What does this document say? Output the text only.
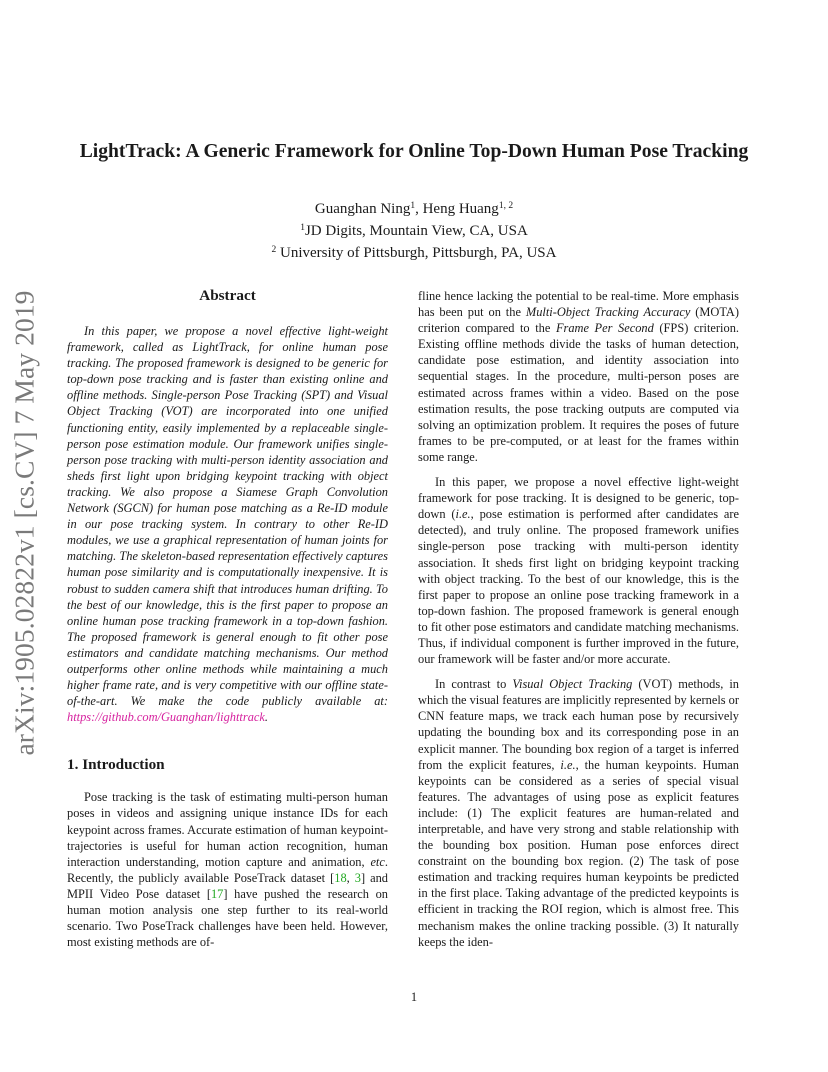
arXiv:1905.02822v1 [cs.CV] 7 May 2019
LightTrack: A Generic Framework for Online Top-Down Human Pose Tracking
Guanghan Ning$^1$, Heng Huang$^{1, 2}$
$^1$JD Digits, Mountain View, CA, USA
$^2$ University of Pittsburgh, Pittsburgh, PA, USA
Abstract

In this paper, we propose a novel effective light-weight framework, called as LightTrack, for online human pose tracking. The proposed framework is designed to be generic for top-down pose tracking and is faster than existing online and offline methods. Single-person Pose Tracking (SPT) and Visual Object Tracking (VOT) are incorporated into one unified functioning entity, easily implemented by a replaceable single-person pose estimation module. Our framework unifies single-person pose tracking with multi-person identity association and sheds first light upon bridging keypoint tracking with object tracking. We also propose a Siamese Graph Convolution Network (SGCN) for human pose matching as a Re-ID module in our pose tracking system. In contrary to other Re-ID modules, we use a graphical representation of human joints for matching. The skeleton-based representation effectively captures human pose similarity and is computationally inexpensive. It is robust to sudden camera shift that introduces human drifting. To the best of our knowledge, this is the first paper to propose an online human pose tracking framework in a top-down fashion. The proposed framework is general enough to fit other pose estimators and candidate matching mechanisms. Our method outperforms other online methods while maintaining a much higher frame rate, and is very competitive with our offline state-of-the-art. We make the code publicly available at: https://github.com/Guanghan/lighttrack.

1. Introduction

Pose tracking is the task of estimating multi-person human poses in videos and assigning unique instance IDs for each keypoint across frames. Accurate estimation of human keypoint-trajectories is useful for human action recognition, human interaction understanding, motion capture and animation, etc. Recently, the publicly available PoseTrack dataset [18, 3] and MPII Video Pose dataset [17] have pushed the research on human motion analysis one step further to its real-world scenario. Two PoseTrack challenges have been held. However, most existing methods are of-

fline hence lacking the potential to be real-time. More emphasis has been put on the Multi-Object Tracking Accuracy (MOTA) criterion compared to the Frame Per Second (FPS) criterion. Existing offline methods divide the tasks of human detection, candidate pose estimation, and identity association into sequential stages. In the procedure, multi-person poses are estimated across frames within a video. Based on the pose estimation results, the pose tracking outputs are computed via solving an optimization problem. It requires the poses of future frames to be pre-computed, or at least for the frames within some range.

In this paper, we propose a novel effective light-weight framework for pose tracking. It is designed to be generic, top-down (i.e., pose estimation is performed after candidates are detected), and truly online. The proposed framework unifies single-person pose tracking with multi-person identity association. It sheds first light on bridging keypoint tracking with object tracking. To the best of our knowledge, this is the first paper to propose an online pose tracking framework in a top-down fashion. The proposed framework is general enough to fit other pose estimators and candidate matching mechanisms. Thus, if individual component is further improved in the future, our framework will be faster and/or more accurate.

In contrast to Visual Object Tracking (VOT) methods, in which the visual features are implicitly represented by kernels or CNN feature maps, we track each human pose by recursively updating the bounding box and its corresponding pose in an explicit manner. The bounding box region of a target is inferred from the explicit features, i.e., the human keypoints. Human keypoints can be considered as a series of special visual features. The advantages of using pose as explicit features include: (1) The explicit features are human-related and interpretable, and have very strong and stable relationship with the bounding box position. Human pose enforces direct constraint on the bounding box region. (2) The task of pose estimation and tracking requires human keypoints be predicted in the first place. Taking advantage of the predicted keypoints is efficient in tracking the ROI region, which is almost free. This mechanism makes the online tracking possible. (3) It naturally keeps the iden-

1
